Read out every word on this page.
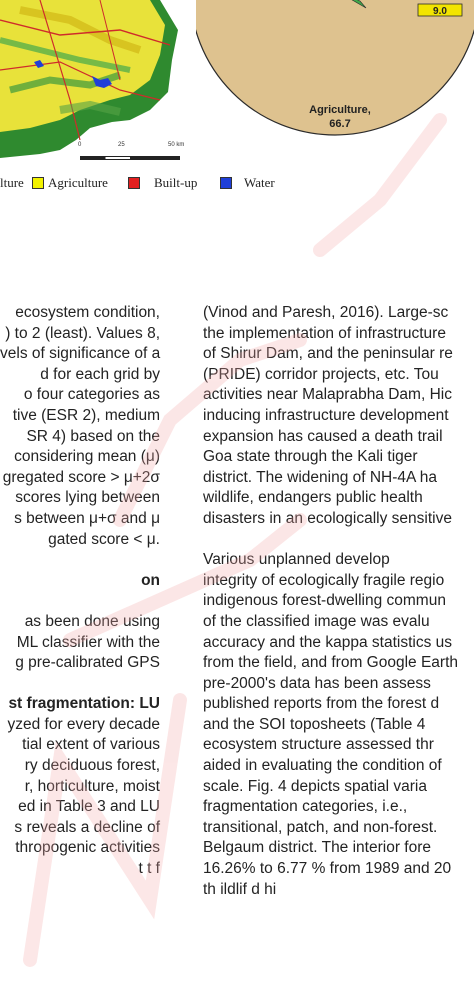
0	25	50 km
9.0
Agriculture,
66.7
lture Agriculture	Built-up	Water
ecosystem condition,
) to 2 (least). Values 8,
vels of significance of a
d for each grid by
o four categories as
tive (ESR 2), medium
SR 4) based on the
considering mean (μ)
gregated score > μ+2σ
scores lying between
s between μ+σ and μ
gated score < μ.

on

as been done using
ML classifier with the
g pre-calibrated GPS

st fragmentation: LU
yzed for every decade
tial extent of various
ry deciduous forest,
r, horticulture, moist
ed in Table 3 and LU
s reveals a decline of
thropogenic activities
t t f
(Vinod and Paresh, 2016). Large-sc
the implementation of infrastructure
of Shirur Dam, and the peninsular re
(PRIDE) corridor projects, etc. Tou
activities near Malaprabha Dam, Hic
inducing infrastructure development
expansion has caused a death trail
Goa state through the Kali tiger
district. The widening of NH-4A ha
wildlife, endangers public health
disasters in an ecologically sensitive

Various unplanned develop
integrity of ecologically fragile regio
indigenous forest-dwelling commun
of the classified image was evalu
accuracy and the kappa statistics us
from the field, and from Google Earth
pre-2000's data has been assess
published reports from the forest d
and the SOI toposheets (Table 4
ecosystem structure assessed thr
aided in evaluating the condition of
scale. Fig. 4 depicts spatial varia
fragmentation categories, i.e.,
transitional, patch, and non-forest.
Belgaum district. The interior fore
16.26% to 6.77 % from 1989 and 20
th ildlif d hi
